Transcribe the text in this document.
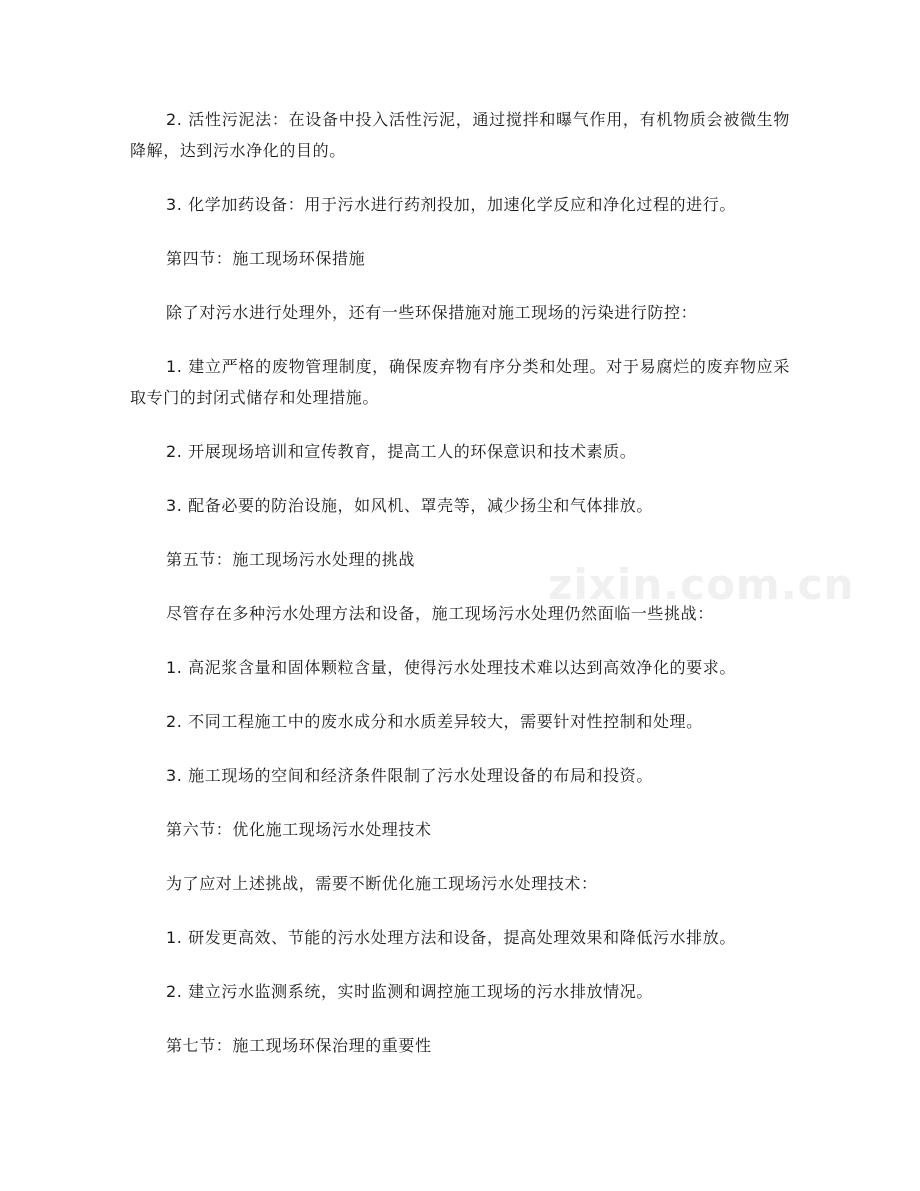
2. 活性污泥法：在设备中投入活性污泥，通过搅拌和曝气作用，有机物质会被微生物降解，达到污水净化的目的。

3. 化学加药设备：用于污水进行药剂投加，加速化学反应和净化过程的进行。

第四节：施工现场环保措施

除了对污水进行处理外，还有一些环保措施对施工现场的污染进行防控：

1. 建立严格的废物管理制度，确保废弃物有序分类和处理。对于易腐烂的废弃物应采取专门的封闭式储存和处理措施。

2. 开展现场培训和宣传教育，提高工人的环保意识和技术素质。

3. 配备必要的防治设施，如风机、罩壳等，减少扬尘和气体排放。

第五节：施工现场污水处理的挑战

尽管存在多种污水处理方法和设备，施工现场污水处理仍然面临一些挑战：

1. 高泥浆含量和固体颗粒含量，使得污水处理技术难以达到高效净化的要求。

2. 不同工程施工中的废水成分和水质差异较大，需要针对性控制和处理。

3. 施工现场的空间和经济条件限制了污水处理设备的布局和投资。

第六节：优化施工现场污水处理技术

为了应对上述挑战，需要不断优化施工现场污水处理技术：

1. 研发更高效、节能的污水处理方法和设备，提高处理效果和降低污水排放。

2. 建立污水监测系统，实时监测和调控施工现场的污水排放情况。

第七节：施工现场环保治理的重要性

zixin.com.cn
